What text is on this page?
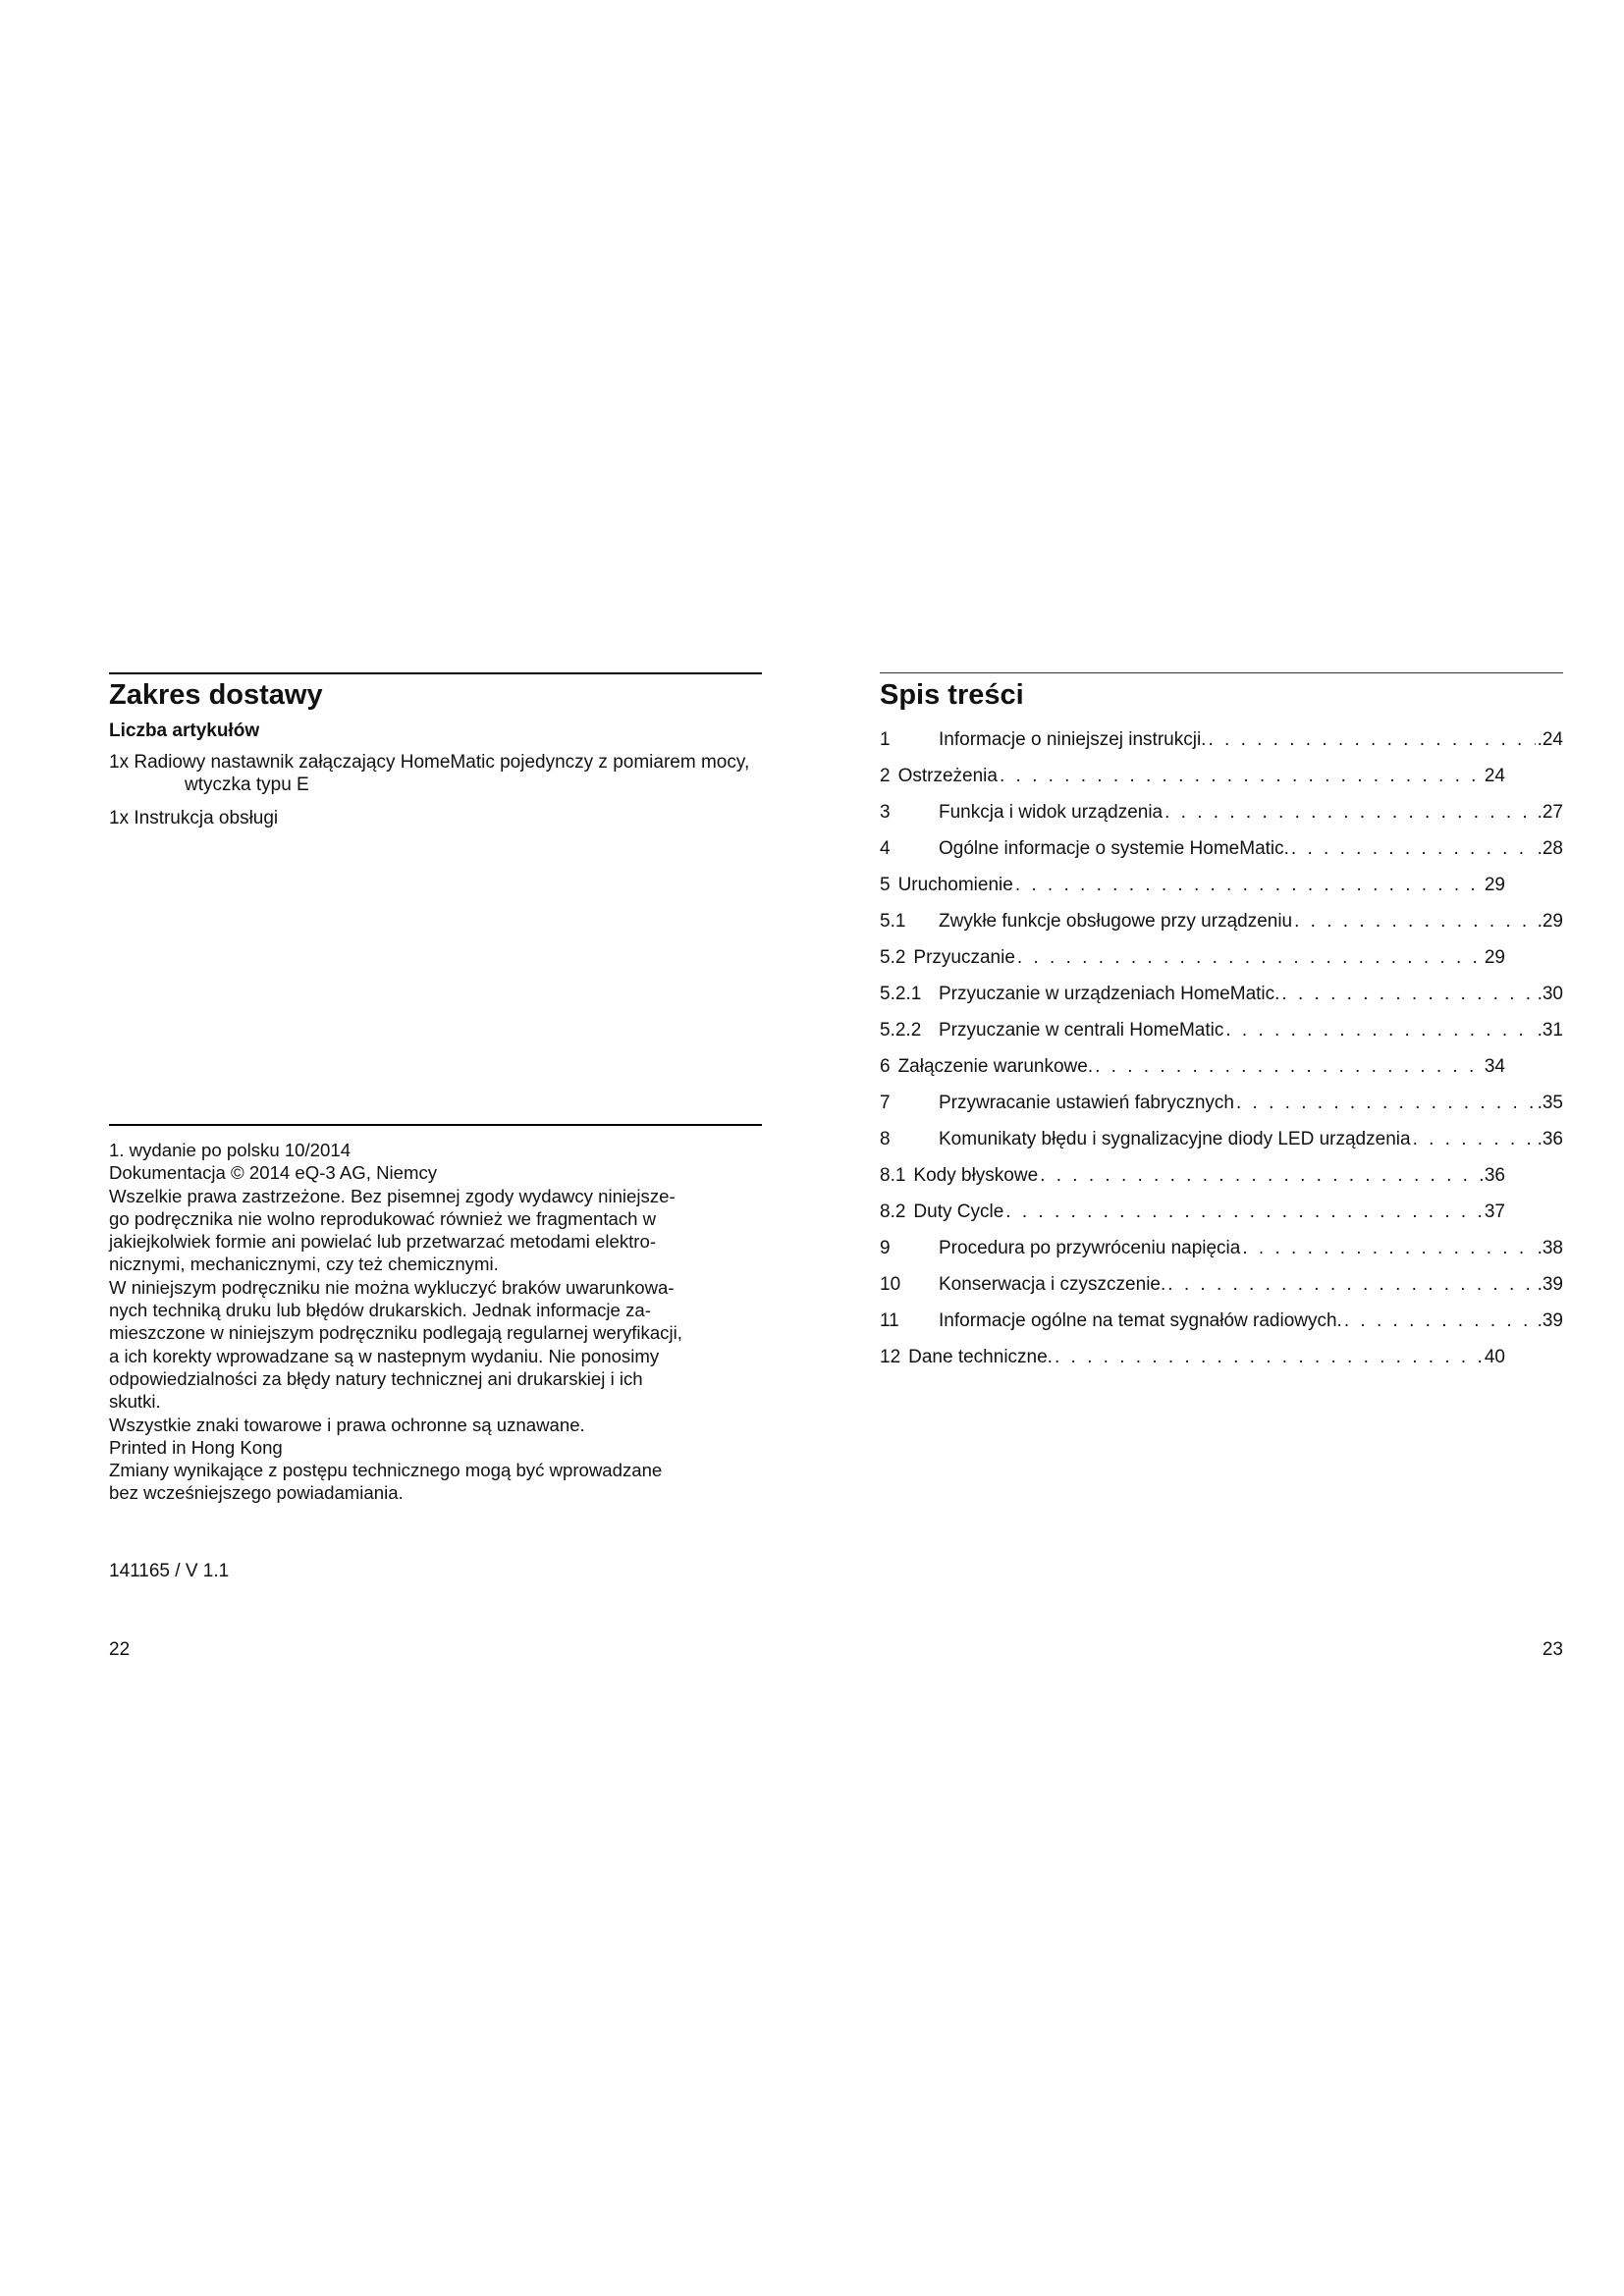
Zakres dostawy
Liczba artykułów
1x Radiowy nastawnik załączający HomeMatic pojedynczy z pomiarem mocy, wtyczka typu E
1x Instrukcja obsługi
1. wydanie po polsku 10/2014
Dokumentacja © 2014 eQ-3 AG, Niemcy
Wszelkie prawa zastrzeżone. Bez pisemnej zgody wydawcy niniejsze-
go podręcznika nie wolno reprodukować również we fragmentach w
jakiejkolwiek formie ani powielać lub przetwarzać metodami elektro-
nicznymi, mechanicznymi, czy też chemicznymi.
W niniejszym podręczniku nie można wykluczyć braków uwarunkowa-
nych techniką druku lub błędów drukarskich. Jednak informacje za-
mieszczone w niniejszym podręczniku podlegają regularnej weryfikacji,
a ich korekty wprowadzane są w nastepnym wydaniu. Nie ponosimy
odpowiedzialności za błędy natury technicznej ani drukarskiej i ich
skutki.
Wszystkie znaki towarowe i prawa ochronne są uznawane.
Printed in Hong Kong
Zmiany wynikające z postępu technicznego mogą być wprowadzane
bez wcześniejszego powiadamiania.
141165 / V 1.1
22
Spis treści
1	Informacje o niniejszej instrukcji. . . .	.24
2 Ostrzeżenia . . .	24
3	Funkcja i widok urządzenia . . .	.27
4	Ogólne informacje o systemie HomeMatic. . . .	.28
5 Uruchomienie . . .	29
5.1	Zwykłe funkcje obsługowe przy urządzeniu . . .	.29
5.2 Przyuczanie . . .	29
5.2.1 Przyuczanie w urządzeniach HomeMatic. . . .	.30
5.2.2 Przyuczanie w centrali HomeMatic . . .	.31
6 Załączenie warunkowe. . . .	34
7	Przywracanie ustawień fabrycznych . . .	.35
8	Komunikaty błędu i sygnalizacyjne diody LED urządzenia . . .	.36
8.1 Kody błyskowe . . .	36
8.2 Duty Cycle . . .	37
9	Procedura po przywróceniu napięcia . . .	.38
10	Konserwacja i czyszczenie. . . .	.39
11	Informacje ogólne na temat sygnałów radiowych. . . .	.39
12 Dane techniczne. . . .	40
23
